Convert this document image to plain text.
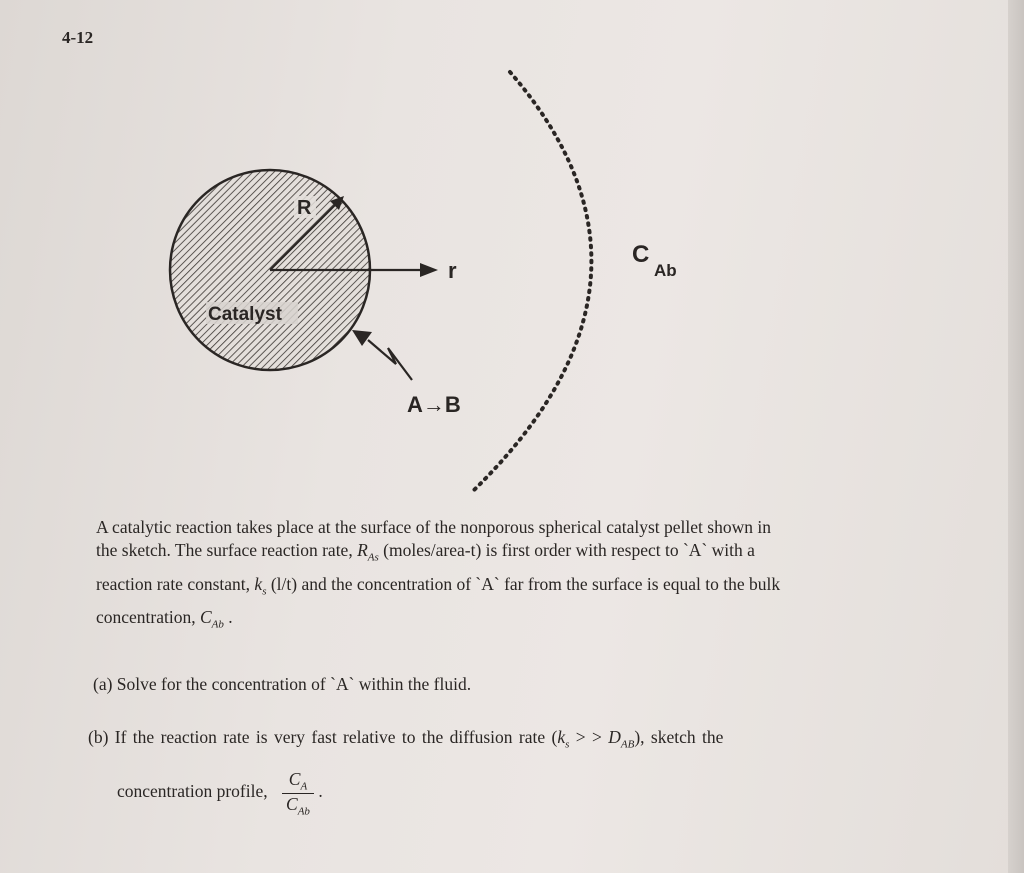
4-12
R
r
Catalyst
A→B
C
Ab
A catalytic reaction takes place at the surface of the nonporous spherical catalyst pellet shown in
the sketch. The surface reaction rate, $R_{As}$ (moles/area-t) is first order with respect to `A` with a
reaction rate constant, $k_s$ (l/t) and the concentration of `A` far from the surface is equal to the bulk
concentration, $C_{Ab}$ .
(a) Solve for the concentration of `A` within the fluid.
(b) If the reaction rate is very fast relative to the diffusion rate ($k_s$ > > $D_{AB}$), sketch the
concentration profile, $\frac{C_A}{C_{Ab}}$ .
